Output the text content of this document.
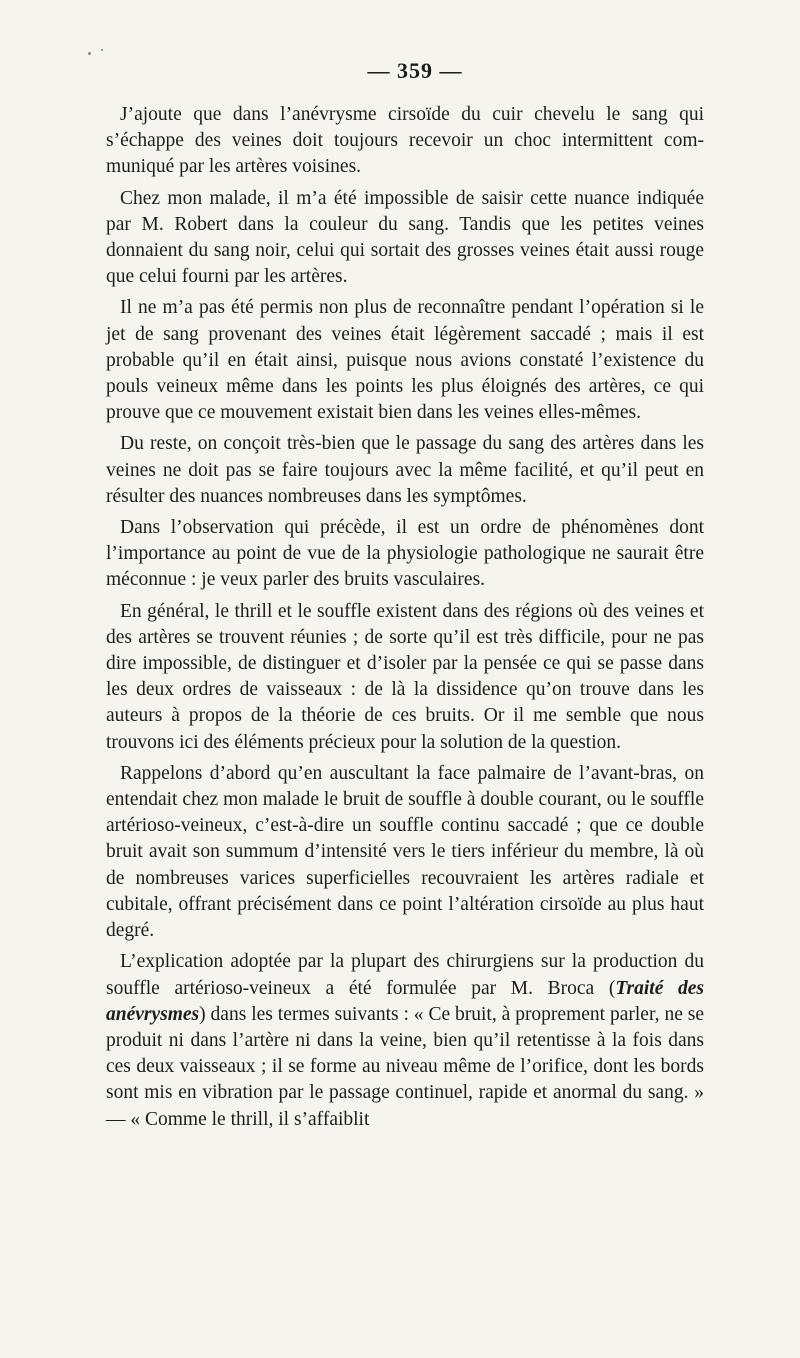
— 359 —

J’ajoute que dans l’anévrysme cirsoïde du cuir chevelu le sang qui s’échappe des veines doit toujours recevoir un choc intermittent communiqué par les artères voisines.

Chez mon malade, il m’a été impossible de saisir cette nuance indiquée par M. Robert dans la couleur du sang. Tandis que les petites veines donnaient du sang noir, celui qui sortait des grosses veines était aussi rouge que celui fourni par les artères.

Il ne m’a pas été permis non plus de reconnaître pendant l’opération si le jet de sang provenant des veines était légèrement saccadé ; mais il est probable qu’il en était ainsi, puisque nous avions constaté l’existence du pouls veineux même dans les points les plus éloignés des artères, ce qui prouve que ce mouvement existait bien dans les veines elles-mêmes.

Du reste, on conçoit très-bien que le passage du sang des artères dans les veines ne doit pas se faire toujours avec la même facilité, et qu’il peut en résulter des nuances nombreuses dans les symptômes.

Dans l’observation qui précède, il est un ordre de phénomènes dont l’importance au point de vue de la physiologie pathologique ne saurait être méconnue : je veux parler des bruits vasculaires.

En général, le thrill et le souffle existent dans des régions où des veines et des artères se trouvent réunies ; de sorte qu’il est très difficile, pour ne pas dire impossible, de distinguer et d’isoler par la pensée ce qui se passe dans les deux ordres de vaisseaux : de là la dissidence qu’on trouve dans les auteurs à propos de la théorie de ces bruits. Or il me semble que nous trouvons ici des éléments précieux pour la solution de la question.

Rappelons d’abord qu’en auscultant la face palmaire de l’avant-bras, on entendait chez mon malade le bruit de souffle à double courant, ou le souffle artérioso-veineux, c’est-à-dire un souffle continu saccadé ; que ce double bruit avait son summum d’intensité vers le tiers inférieur du membre, là où de nombreuses varices superficielles recouvraient les artères radiale et cubitale, offrant précisément dans ce point l’altération cirsoïde au plus haut degré.

L’explication adoptée par la plupart des chirurgiens sur la production du souffle artérioso-veineux a été formulée par M. Broca (Traité des anévrysmes) dans les termes suivants : « Ce bruit, à proprement parler, ne se produit ni dans l’artère ni dans la veine, bien qu’il retentisse à la fois dans ces deux vaisseaux ; il se forme au niveau même de l’orifice, dont les bords sont mis en vibration par le passage continuel, rapide et anormal du sang. » — « Comme le thrill, il s’affaiblit
